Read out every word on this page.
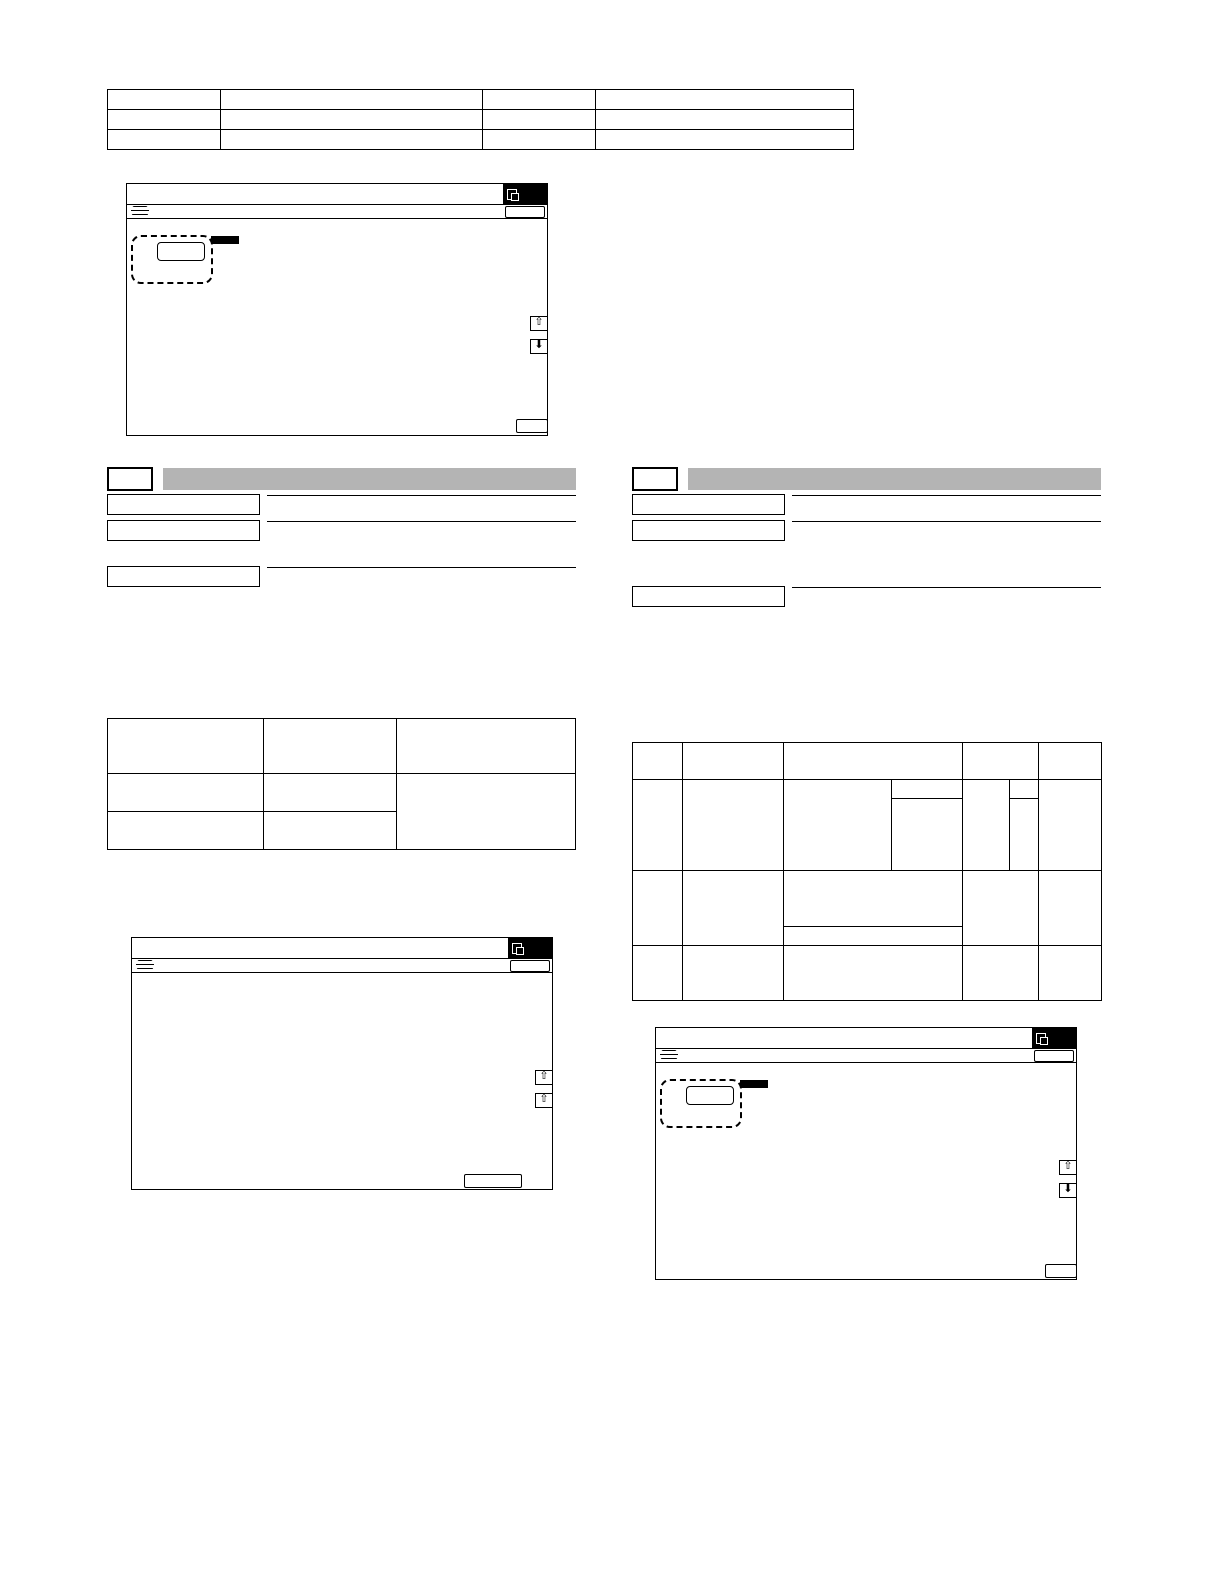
⇧
⬇
⇧
⇧
⇧
⬇
